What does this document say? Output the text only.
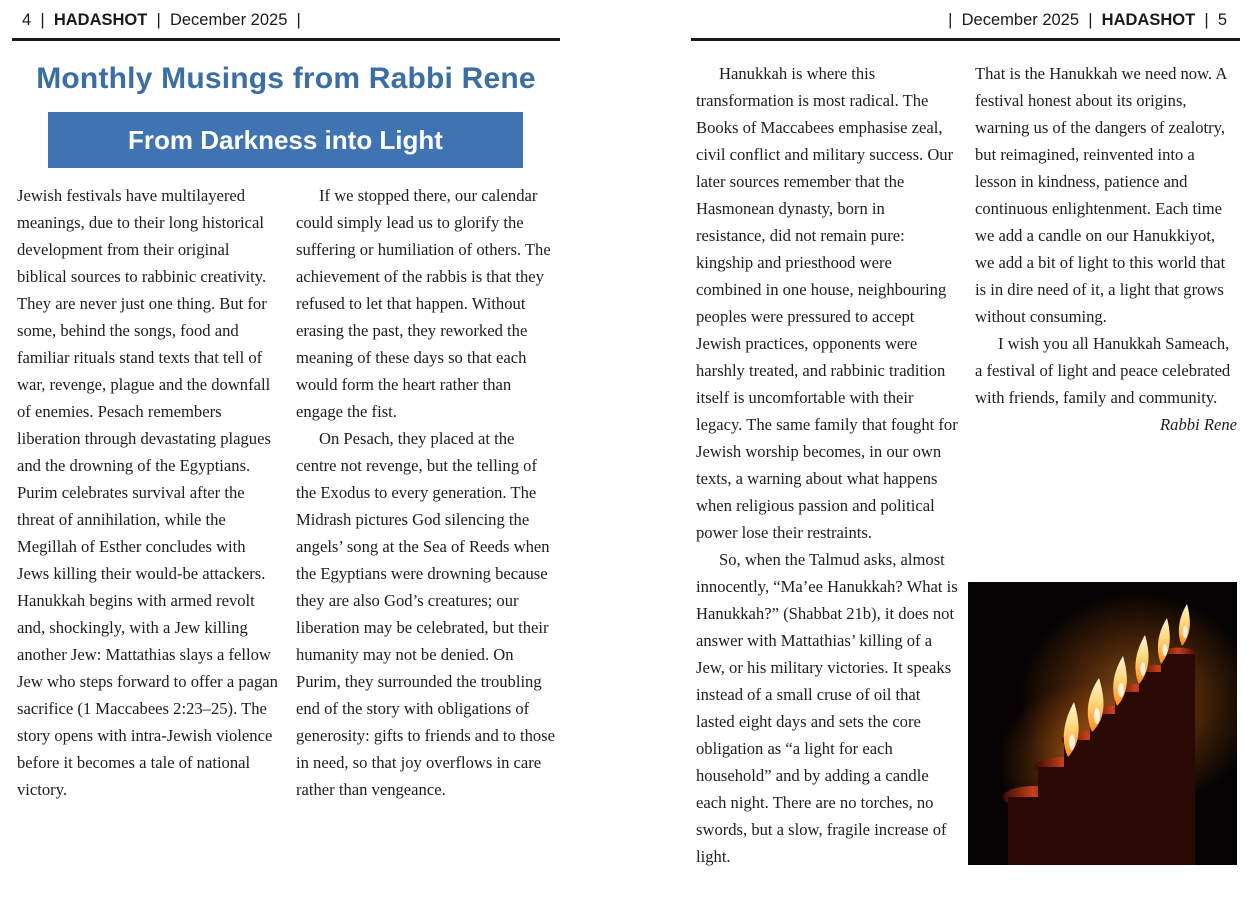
4 | HADASHOT | December 2025 |	| December 2025 | HADASHOT | 5
Monthly Musings from Rabbi Rene
From Darkness into Light

Jewish festivals have multilayered meanings, due to their long historical development from their original biblical sources to rabbinic creativity. They are never just one thing. But for some, behind the songs, food and familiar rituals stand texts that tell of war, revenge, plague and the downfall of enemies. Pesach remembers liberation through devastating plagues and the drowning of the Egyptians. Purim celebrates survival after the threat of annihilation, while the Megillah of Esther concludes with Jews killing their would-be attackers. Hanukkah begins with armed revolt and, shockingly, with a Jew killing another Jew: Mattathias slays a fellow Jew who steps forward to offer a pagan sacrifice (1 Maccabees 2:23–25). The story opens with intra-Jewish violence before it becomes a tale of national victory.

If we stopped there, our calendar could simply lead us to glorify the suffering or humiliation of others. The achievement of the rabbis is that they refused to let that happen. Without erasing the past, they reworked the meaning of these days so that each would form the heart rather than engage the fist.

On Pesach, they placed at the centre not revenge, but the telling of the Exodus to every generation. The Midrash pictures God silencing the angels’ song at the Sea of Reeds when the Egyptians were drowning because they are also God’s creatures; our liberation may be celebrated, but their humanity may not be denied. On Purim, they surrounded the troubling end of the story with obligations of generosity: gifts to friends and to those in need, so that joy overflows in care rather than vengeance.

Hanukkah is where this transformation is most radical. The Books of Maccabees emphasise zeal, civil conflict and military success. Our later sources remember that the Hasmonean dynasty, born in resistance, did not remain pure: kingship and priesthood were combined in one house, neighbouring peoples were pressured to accept Jewish practices, opponents were harshly treated, and rabbinic tradition itself is uncomfortable with their legacy. The same family that fought for Jewish worship becomes, in our own texts, a warning about what happens when religious passion and political power lose their restraints.

So, when the Talmud asks, almost innocently, “Ma’ee Hanukkah? What is Hanukkah?” (Shabbat 21b), it does not answer with Mattathias’ killing of a Jew, or his military victories. It speaks instead of a small cruse of oil that lasted eight days and sets the core obligation as “a light for each household” and by adding a candle each night. There are no torches, no swords, but a slow, fragile increase of light.

That is the Hanukkah we need now. A festival honest about its origins, warning us of the dangers of zealotry, but reimagined, reinvented into a lesson in kindness, patience and continuous enlightenment. Each time we add a candle on our Hanukkiyot, we add a bit of light to this world that is in dire need of it, a light that grows without consuming.

I wish you all Hanukkah Sameach, a festival of light and peace celebrated with friends, family and community.

Rabbi Rene
